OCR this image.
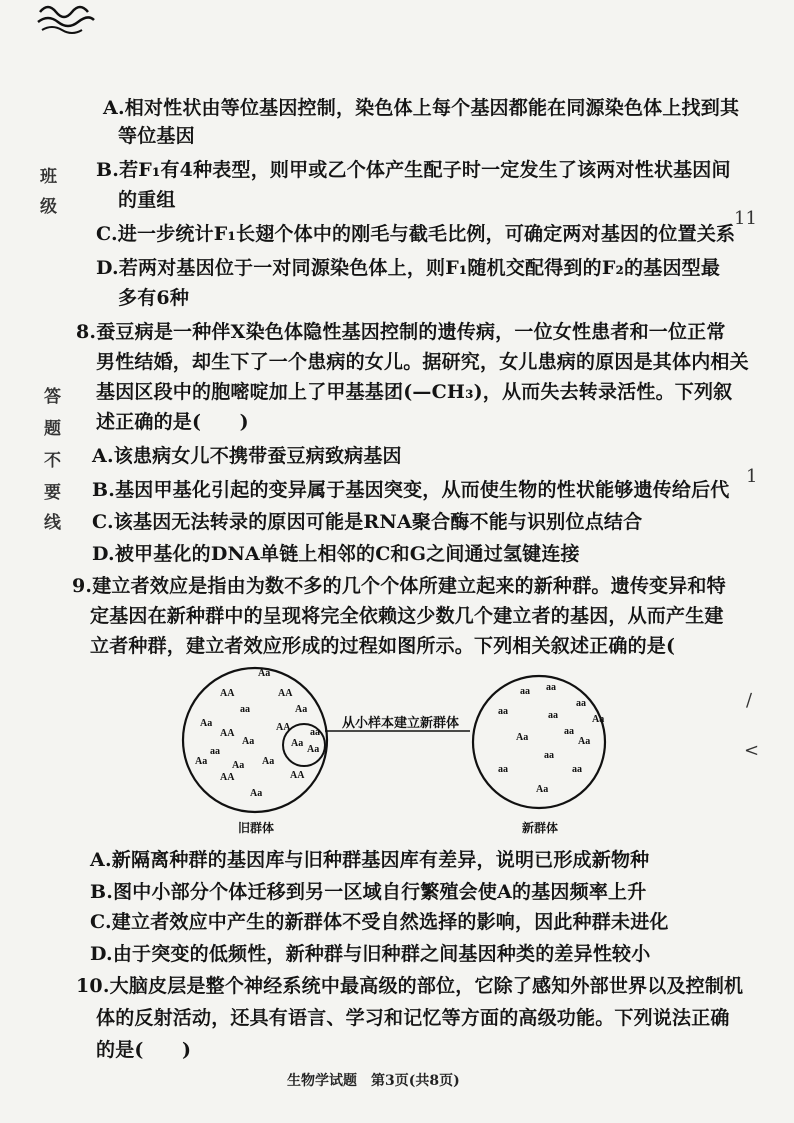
A.相对性状由等位基因控制，染色体上每个基因都能在同源染色体上找到其
等位基因
B.若F₁有4种表型，则甲或乙个体产生配子时一定发生了该两对性状基因间
的重组
C.进一步统计F₁长翅个体中的刚毛与截毛比例，可确定两对基因的位置关系
D.若两对基因位于一对同源染色体上，则F₁随机交配得到的F₂的基因型最
多有6种
8.蚕豆病是一种伴X染色体隐性基因控制的遗传病，一位女性患者和一位正常
男性结婚，却生下了一个患病的女儿。据研究，女儿患病的原因是其体内相关
基因区段中的胞嘧啶加上了甲基基团(—CH₃)，从而失去转录活性。下列叙
述正确的是(　　)
A.该患病女儿不携带蚕豆病致病基因
B.基因甲基化引起的变异属于基因突变，从而使生物的性状能够遗传给后代
C.该基因无法转录的原因可能是RNA聚合酶不能与识别位点结合
D.被甲基化的DNA单链上相邻的C和G之间通过氢键连接
9.建立者效应是指由为数不多的几个个体所建立起来的新种群。遗传变异和特
定基因在新种群中的呈现将完全依赖这少数几个建立者的基因，从而产生建
立者种群，建立者效应形成的过程如图所示。下列相关叙述正确的是(
A.新隔离种群的基因库与旧种群基因库有差异，说明已形成新物种
B.图中小部分个体迁移到另一区域自行繁殖会使A的基因频率上升
C.建立者效应中产生的新群体不受自然选择的影响，因此种群未进化
D.由于突变的低频性，新种群与旧种群之间基因种类的差异性较小
10.大脑皮层是整个神经系统中最高级的部位，它除了感知外部世界以及控制机
体的反射活动，还具有语言、学习和记忆等方面的高级功能。下列说法正确
的是(　　)
班
级
答
题
不
要
线
11
1
∕
<
从小样本建立新群体
Aa
AA	AA
Aa
Aa
aa
AA
AA
Aa
aa
Aa
Aa
AA	AA
Aa
Aa
aa
Aa
Aa
aa aa
aa	aa
aa
Aa
aa
Aa
Aa
aa	aa
aa
Aa
旧群体	新群体
生物学试题　第3页(共8页)
